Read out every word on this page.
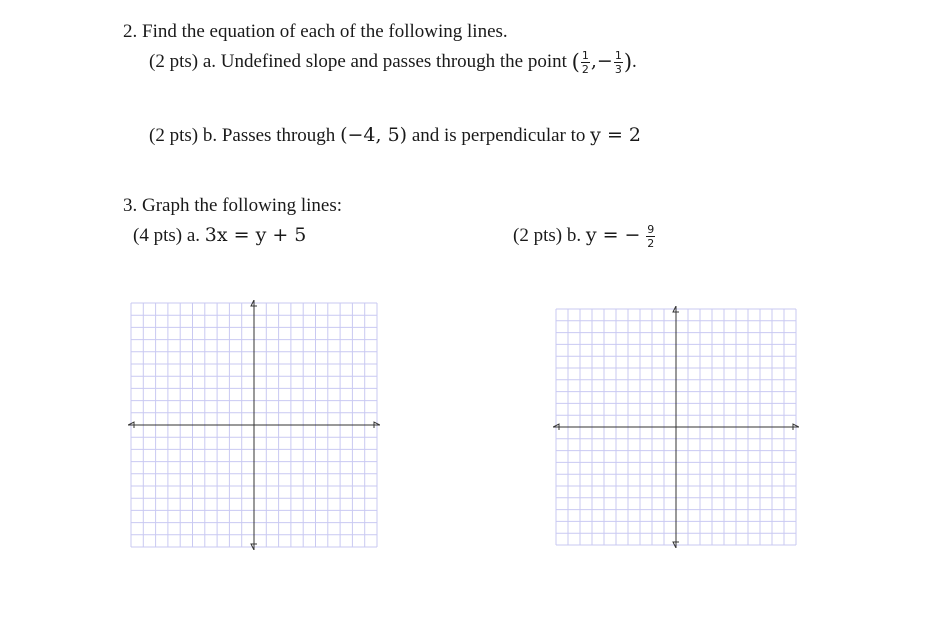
2. Find the equation of each of the following lines.
(2 pts) a. Undefined slope and passes through the point ( $\frac{1}{2}$ ,− $\frac{1}{3}$ ).
(2 pts) b. Passes through (−4, 5) and is perpendicular to y = 2
3. Graph the following lines:
(4 pts) a. 3x = y + 5	(2 pts) b. y = − $\frac{9}{2}$
